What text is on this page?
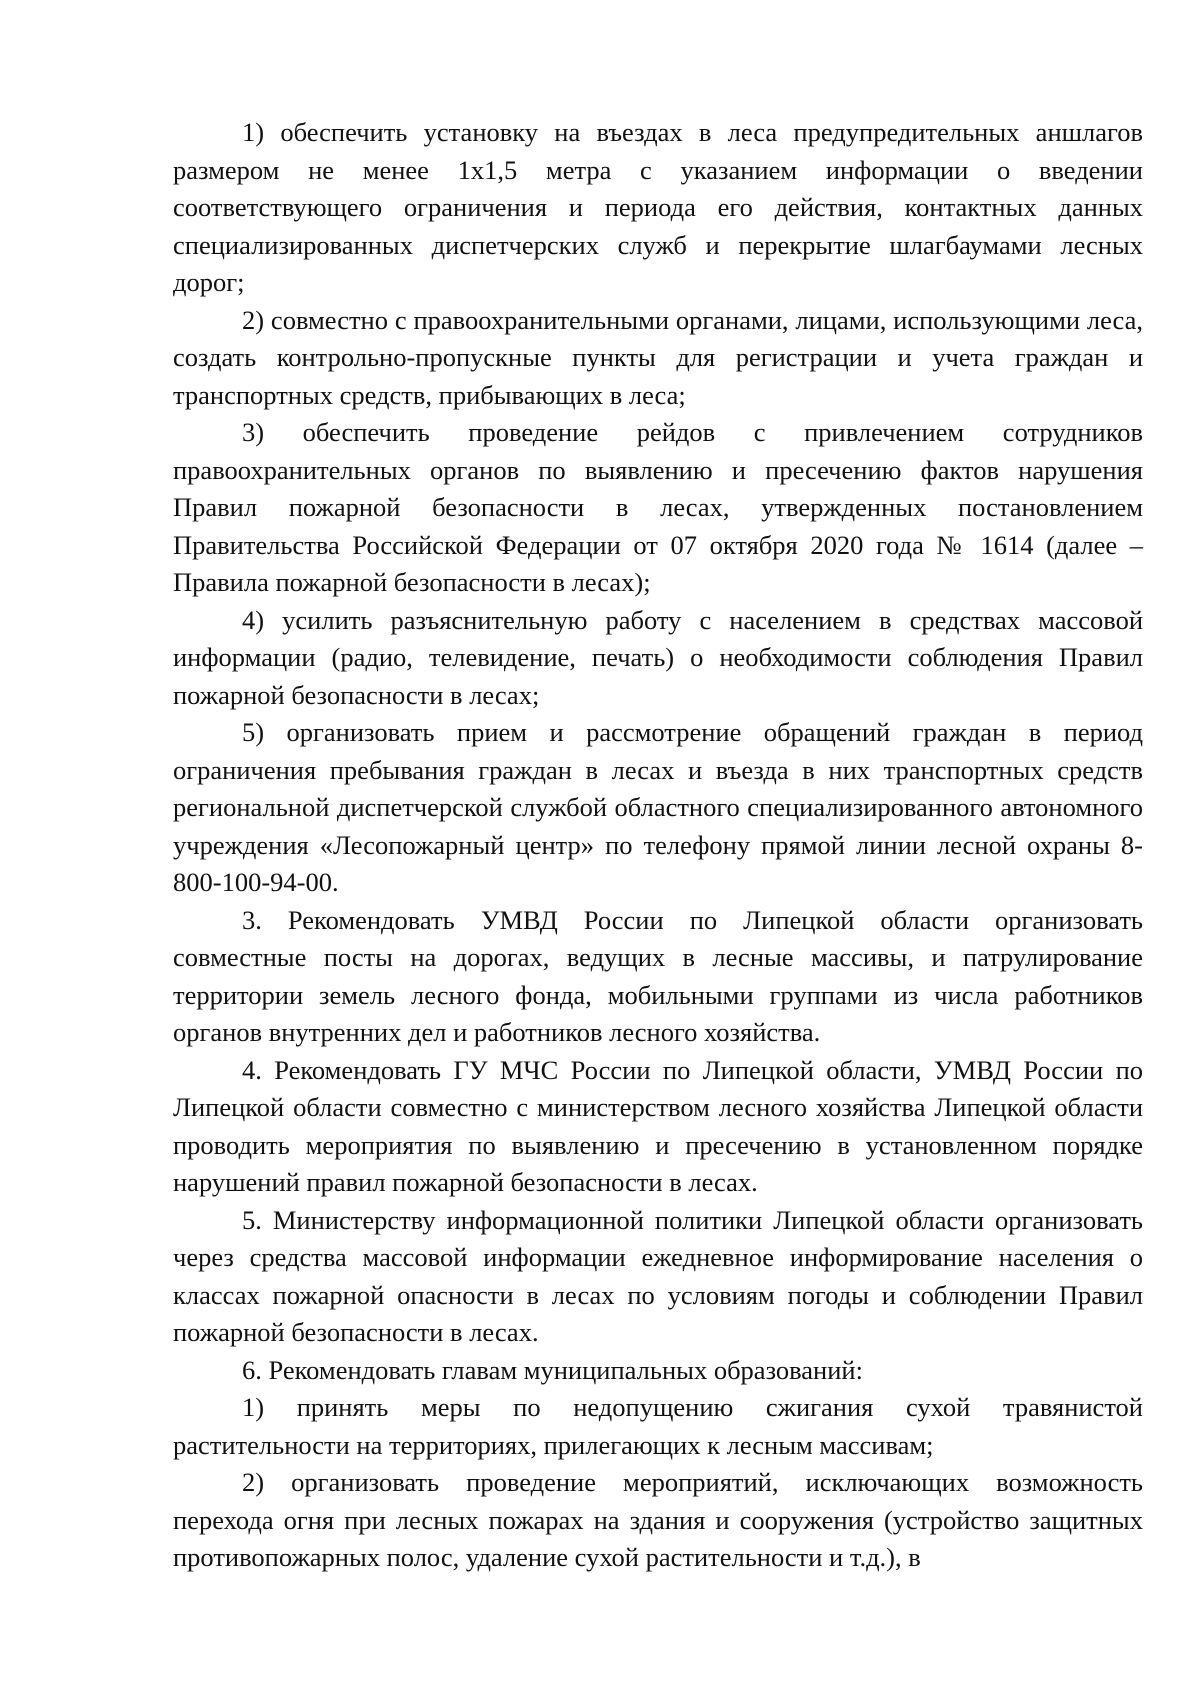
1) обеспечить установку на въездах в леса предупредительных аншлагов размером не менее 1х1,5 метра с указанием информации о введении соответствующего ограничения и периода его действия, контактных данных специализированных диспетчерских служб и перекрытие шлагбаумами лесных дорог;

2) совместно с правоохранительными органами, лицами, использующими леса, создать контрольно-пропускные пункты для регистрации и учета граждан и транспортных средств, прибывающих в леса;

3) обеспечить проведение рейдов с привлечением сотрудников правоохранительных органов по выявлению и пресечению фактов нарушения Правил пожарной безопасности в лесах, утвержденных постановлением Правительства Российской Федерации от 07 октября 2020 года № 1614 (далее – Правила пожарной безопасности в лесах);

4) усилить разъяснительную работу с населением в средствах массовой информации (радио, телевидение, печать) о необходимости соблюдения Правил пожарной безопасности в лесах;

5) организовать прием и рассмотрение обращений граждан в период ограничения пребывания граждан в лесах и въезда в них транспортных средств региональной диспетчерской службой областного специализированного автономного учреждения «Лесопожарный центр» по телефону прямой линии лесной охраны 8-800-100-94-00.

3. Рекомендовать УМВД России по Липецкой области организовать совместные посты на дорогах, ведущих в лесные массивы, и патрулирование территории земель лесного фонда, мобильными группами из числа работников органов внутренних дел и работников лесного хозяйства.

4. Рекомендовать ГУ МЧС России по Липецкой области, УМВД России по Липецкой области совместно с министерством лесного хозяйства Липецкой области проводить мероприятия по выявлению и пресечению в установленном порядке нарушений правил пожарной безопасности в лесах.

5. Министерству информационной политики Липецкой области организовать через средства массовой информации ежедневное информирование населения о классах пожарной опасности в лесах по условиям погоды и соблюдении Правил пожарной безопасности в лесах.

6. Рекомендовать главам муниципальных образований:

1) принять меры по недопущению сжигания сухой травянистой растительности на территориях, прилегающих к лесным массивам;

2) организовать проведение мероприятий, исключающих возможность перехода огня при лесных пожарах на здания и сооружения (устройство защитных противопожарных полос, удаление сухой растительности и т.д.), в
